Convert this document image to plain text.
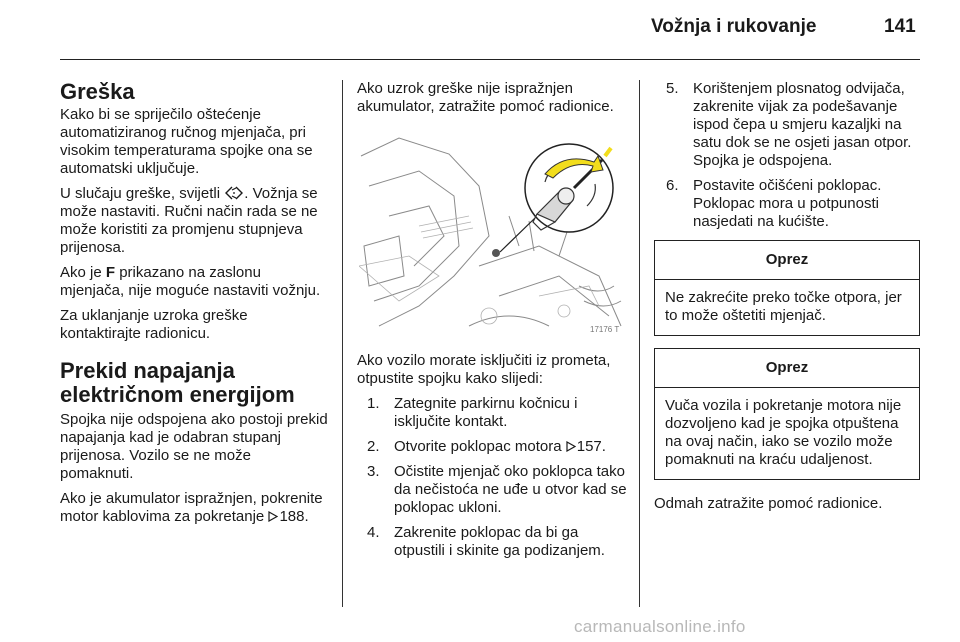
Vožnja i rukovanje	141
Greška

Kako bi se spriječilo oštećenje automatiziranog ručnog mjenjača, pri visokim temperaturama spojke ona se automatski uključuje.

U slučaju greške, svijetli . Vožnja se može nastaviti. Ručni način rada se ne može koristiti za promjenu stupnjeva prijenosa.

Ako je F prikazano na zaslonu mjenjača, nije moguće nastaviti vožnju.

Za uklanjanje uzroka greške kontaktirajte radionicu.

Prekid napajanja električnom energijom

Spojka nije odspojena ako postoji prekid napajanja kad je odabran stupanj prijenosa. Vozilo se ne može pomaknuti.

Ako je akumulator ispražnjen, pokrenite motor kablovima za pokretanje 188.

Ako uzrok greške nije ispražnjen akumulator, zatražite pomoć radionice.

17176 T

Ako vozilo morate isključiti iz prometa, otpustite spojku kako slijedi:

1. Zategnite parkirnu kočnicu i isključite kontakt.
2. Otvorite poklopac motora 157.
3. Očistite mjenjač oko poklopca tako da nečistoća ne uđe u otvor kad se poklopac ukloni.
4. Zakrenite poklopac da bi ga otpustili i skinite ga podizanjem.
5. Korištenjem plosnatog odvijača, zakrenite vijak za podešavanje ispod čepa u smjeru kazaljki na satu dok se ne osjeti jasan otpor. Spojka je odspojena.
6. Postavite očišćeni poklopac. Poklopac mora u potpunosti nasjedati na kućište.
Oprez
Ne zakrećite preko točke otpora, jer to može oštetiti mjenjač.
Oprez
Vuča vozila i pokretanje motora nije dozvoljeno kad je spojka otpuštena na ovaj način, iako se vozilo može pomaknuti na kraću udaljenost.

Odmah zatražite pomoć radionice.

carmanualsonline.info
